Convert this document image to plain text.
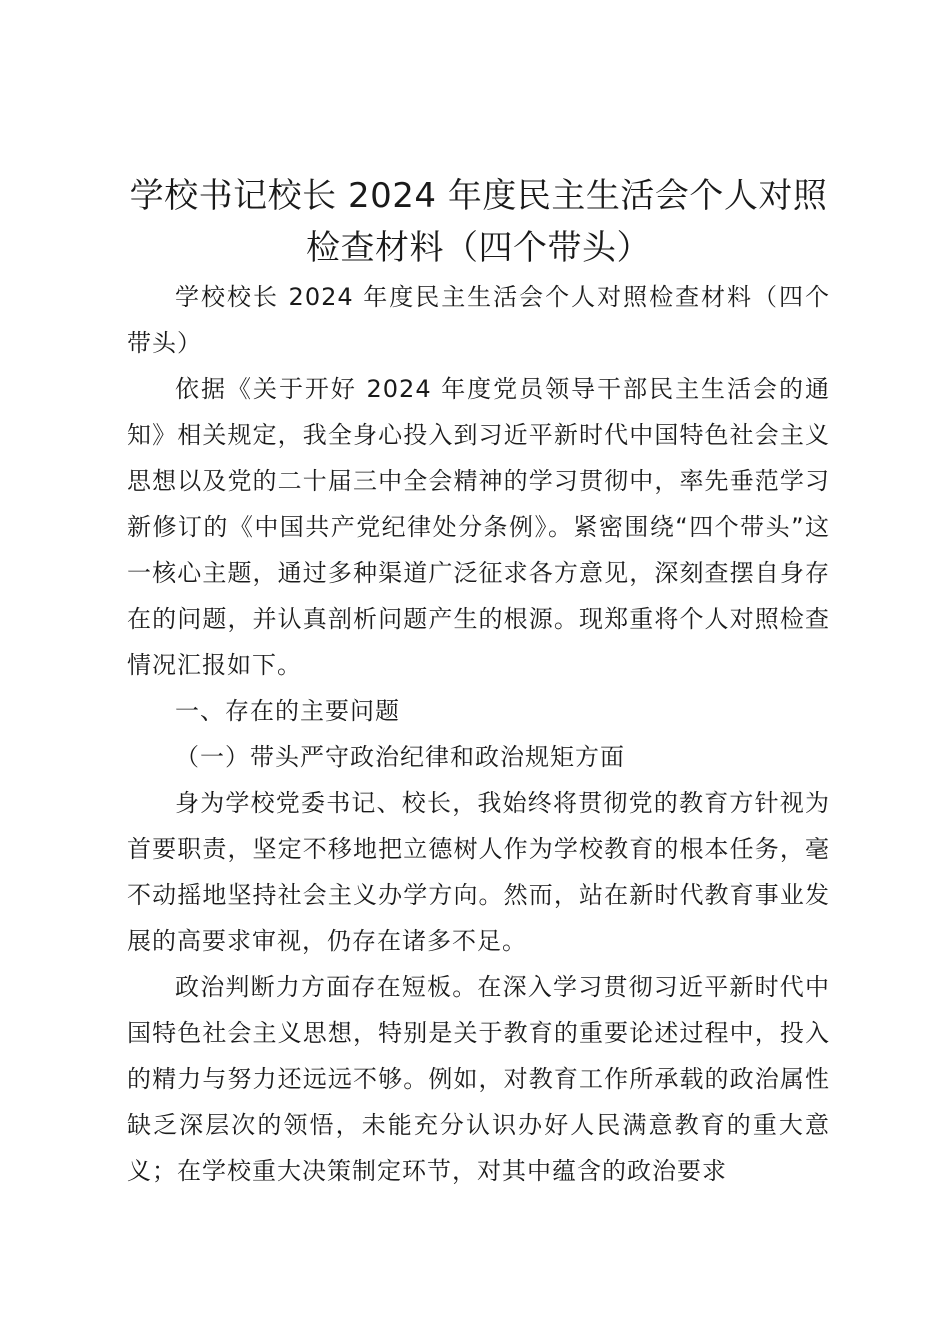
学校书记校长 2024 年度民主生活会个人对照检查材料（四个带头）

学校校长 2024 年度民主生活会个人对照检查材料（四个带头）

依据《关于开好 2024 年度党员领导干部民主生活会的通知》相关规定，我全身心投入到习近平新时代中国特色社会主义思想以及党的二十届三中全会精神的学习贯彻中，率先垂范学习新修订的《中国共产党纪律处分条例》。紧密围绕“四个带头”这一核心主题，通过多种渠道广泛征求各方意见，深刻查摆自身存在的问题，并认真剖析问题产生的根源。现郑重将个人对照检查情况汇报如下。

一、存在的主要问题

（一）带头严守政治纪律和政治规矩方面

身为学校党委书记、校长，我始终将贯彻党的教育方针视为首要职责，坚定不移地把立德树人作为学校教育的根本任务，毫不动摇地坚持社会主义办学方向。然而，站在新时代教育事业发展的高要求审视，仍存在诸多不足。

政治判断力方面存在短板。在深入学习贯彻习近平新时代中国特色社会主义思想，特别是关于教育的重要论述过程中，投入的精力与努力还远远不够。例如，对教育工作所承载的政治属性缺乏深层次的领悟，未能充分认识办好人民满意教育的重大意义；在学校重大决策制定环节，对其中蕴含的政治要求
